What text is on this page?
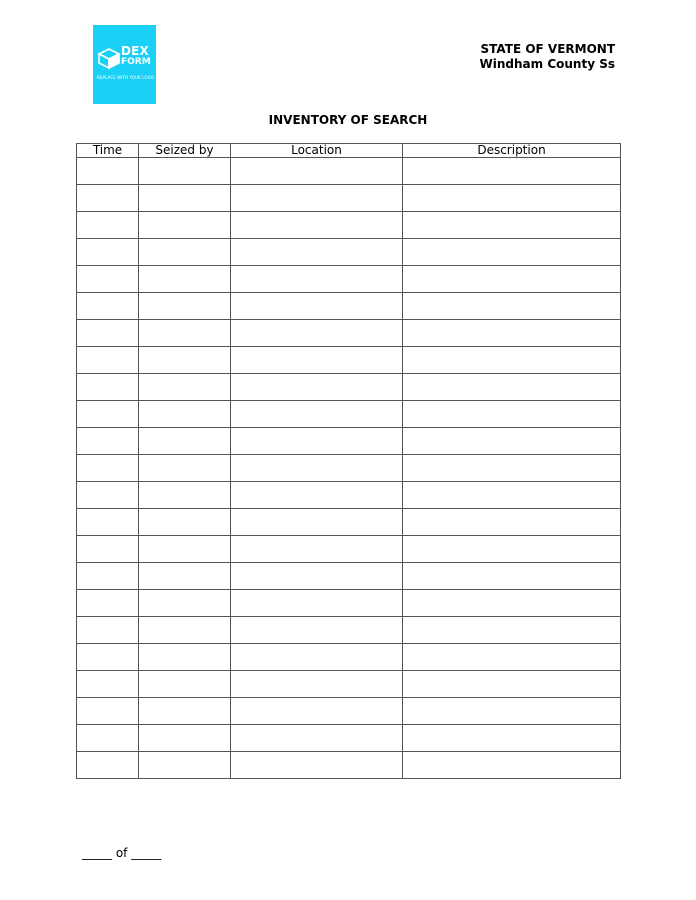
DEX
FORM
REPLACE WITH YOUR LOGO
STATE OF VERMONT
Windham County Ss
INVENTORY OF SEARCH
Time	Seized by	Location	Description

_____ of _____
